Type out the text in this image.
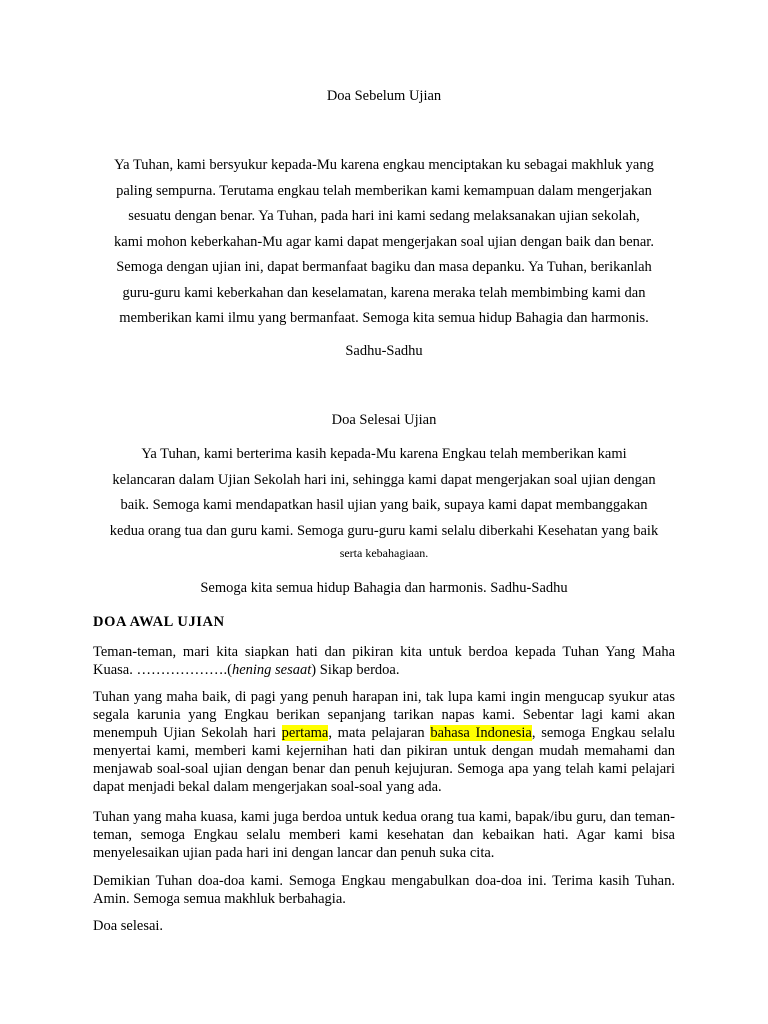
Doa Sebelum Ujian
Ya Tuhan, kami bersyukur kepada-Mu karena engkau menciptakan ku sebagai makhluk yang
paling sempurna. Terutama engkau telah memberikan kami kemampuan dalam mengerjakan
sesuatu dengan benar. Ya Tuhan, pada hari ini kami sedang melaksanakan ujian sekolah,
kami mohon keberkahan-Mu agar kami dapat mengerjakan soal ujian dengan baik dan benar.
Semoga dengan ujian ini, dapat bermanfaat bagiku dan masa depanku. Ya Tuhan, berikanlah
guru-guru kami keberkahan dan keselamatan, karena meraka telah membimbing kami dan
memberikan kami ilmu yang bermanfaat. Semoga kita semua hidup Bahagia dan harmonis.
Sadhu-Sadhu
Doa Selesai Ujian
Ya Tuhan, kami berterima kasih kepada-Mu karena Engkau telah memberikan kami
kelancaran dalam Ujian Sekolah hari ini, sehingga kami dapat mengerjakan soal ujian dengan
baik. Semoga kami mendapatkan hasil ujian yang baik, supaya kami dapat membanggakan
kedua orang tua dan guru kami. Semoga guru-guru kami selalu diberkahi Kesehatan yang baik
serta kebahagiaan.
Semoga kita semua hidup Bahagia dan harmonis. Sadhu-Sadhu
DOA AWAL UJIAN
Teman-teman, mari kita siapkan hati dan pikiran kita untuk berdoa kepada Tuhan Yang Maha Kuasa. ……………….(hening sesaat) Sikap berdoa.
Tuhan yang maha baik, di pagi yang penuh harapan ini, tak lupa kami ingin mengucap syukur atas segala karunia yang Engkau berikan sepanjang tarikan napas kami. Sebentar lagi kami akan menempuh Ujian Sekolah hari pertama, mata pelajaran bahasa Indonesia, semoga Engkau selalu menyertai kami, memberi kami kejernihan hati dan pikiran untuk dengan mudah memahami dan menjawab soal-soal ujian dengan benar dan penuh kejujuran. Semoga apa yang telah kami pelajari dapat menjadi bekal dalam mengerjakan soal-soal yang ada.
Tuhan yang maha kuasa, kami juga berdoa untuk kedua orang tua kami, bapak/ibu guru, dan teman-teman, semoga Engkau selalu memberi kami kesehatan dan kebaikan hati. Agar kami bisa menyelesaikan ujian pada hari ini dengan lancar dan penuh suka cita.
Demikian Tuhan doa-doa kami. Semoga Engkau mengabulkan doa-doa ini. Terima kasih Tuhan. Amin. Semoga semua makhluk berbahagia.
Doa selesai.
